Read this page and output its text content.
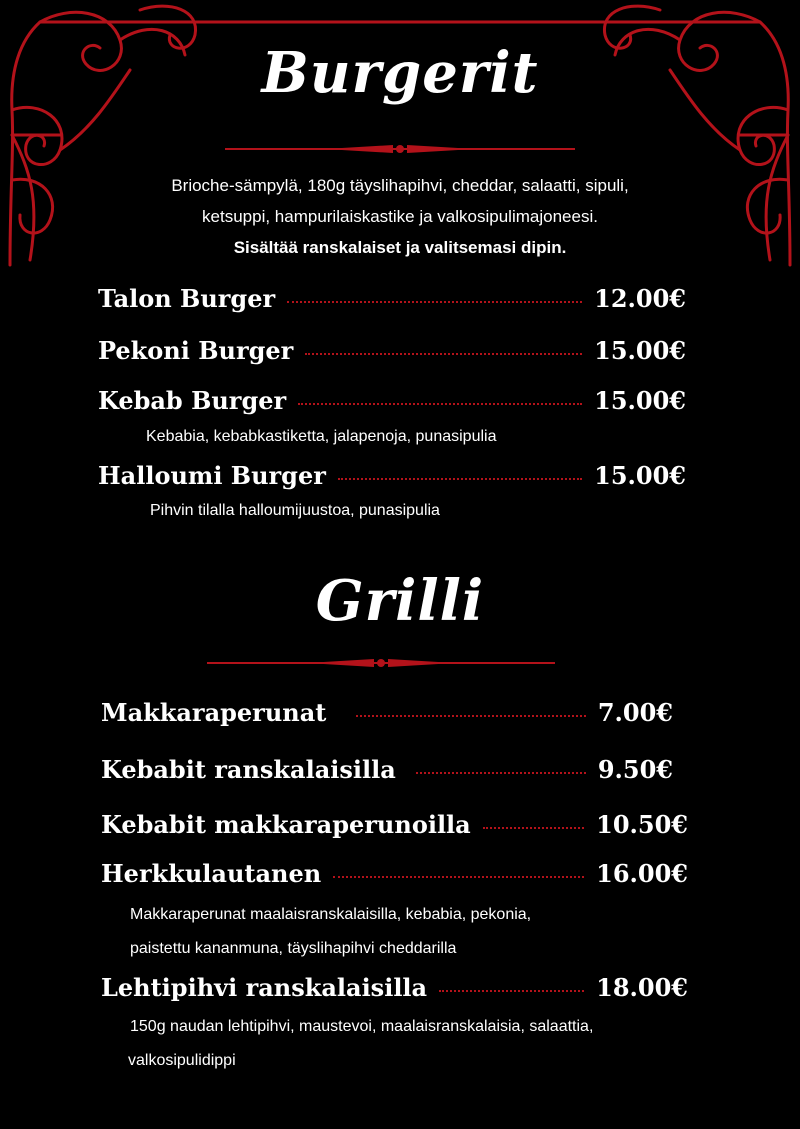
Burgerit
Brioche-sämpylä, 180g täyslihapihvi, cheddar, salaatti, sipuli,
ketsuppi, hampurilaiskastike ja valkosipulimajoneesi.
Sisältää ranskalaiset ja valitsemasi dipin.
Talon Burger	12.00€
Pekoni Burger	15.00€
Kebab Burger	15.00€
Kebabia, kebabkastiketta, jalapenoja, punasipulia
Halloumi Burger	15.00€
Pihvin tilalla halloumijuustoa, punasipulia
Grilli
Makkaraperunat	7.00€
Kebabit ranskalaisilla	9.50€
Kebabit makkaraperunoilla	10.50€
Herkkulautanen	16.00€
Makkaraperunat maalaisranskalaisilla, kebabia, pekonia,
paistettu kananmuna, täyslihapihvi cheddarilla
Lehtipihvi ranskalaisilla	18.00€
150g naudan lehtipihvi, maustevoi, maalaisranskalaisia, salaattia,
valkosipulidippi
